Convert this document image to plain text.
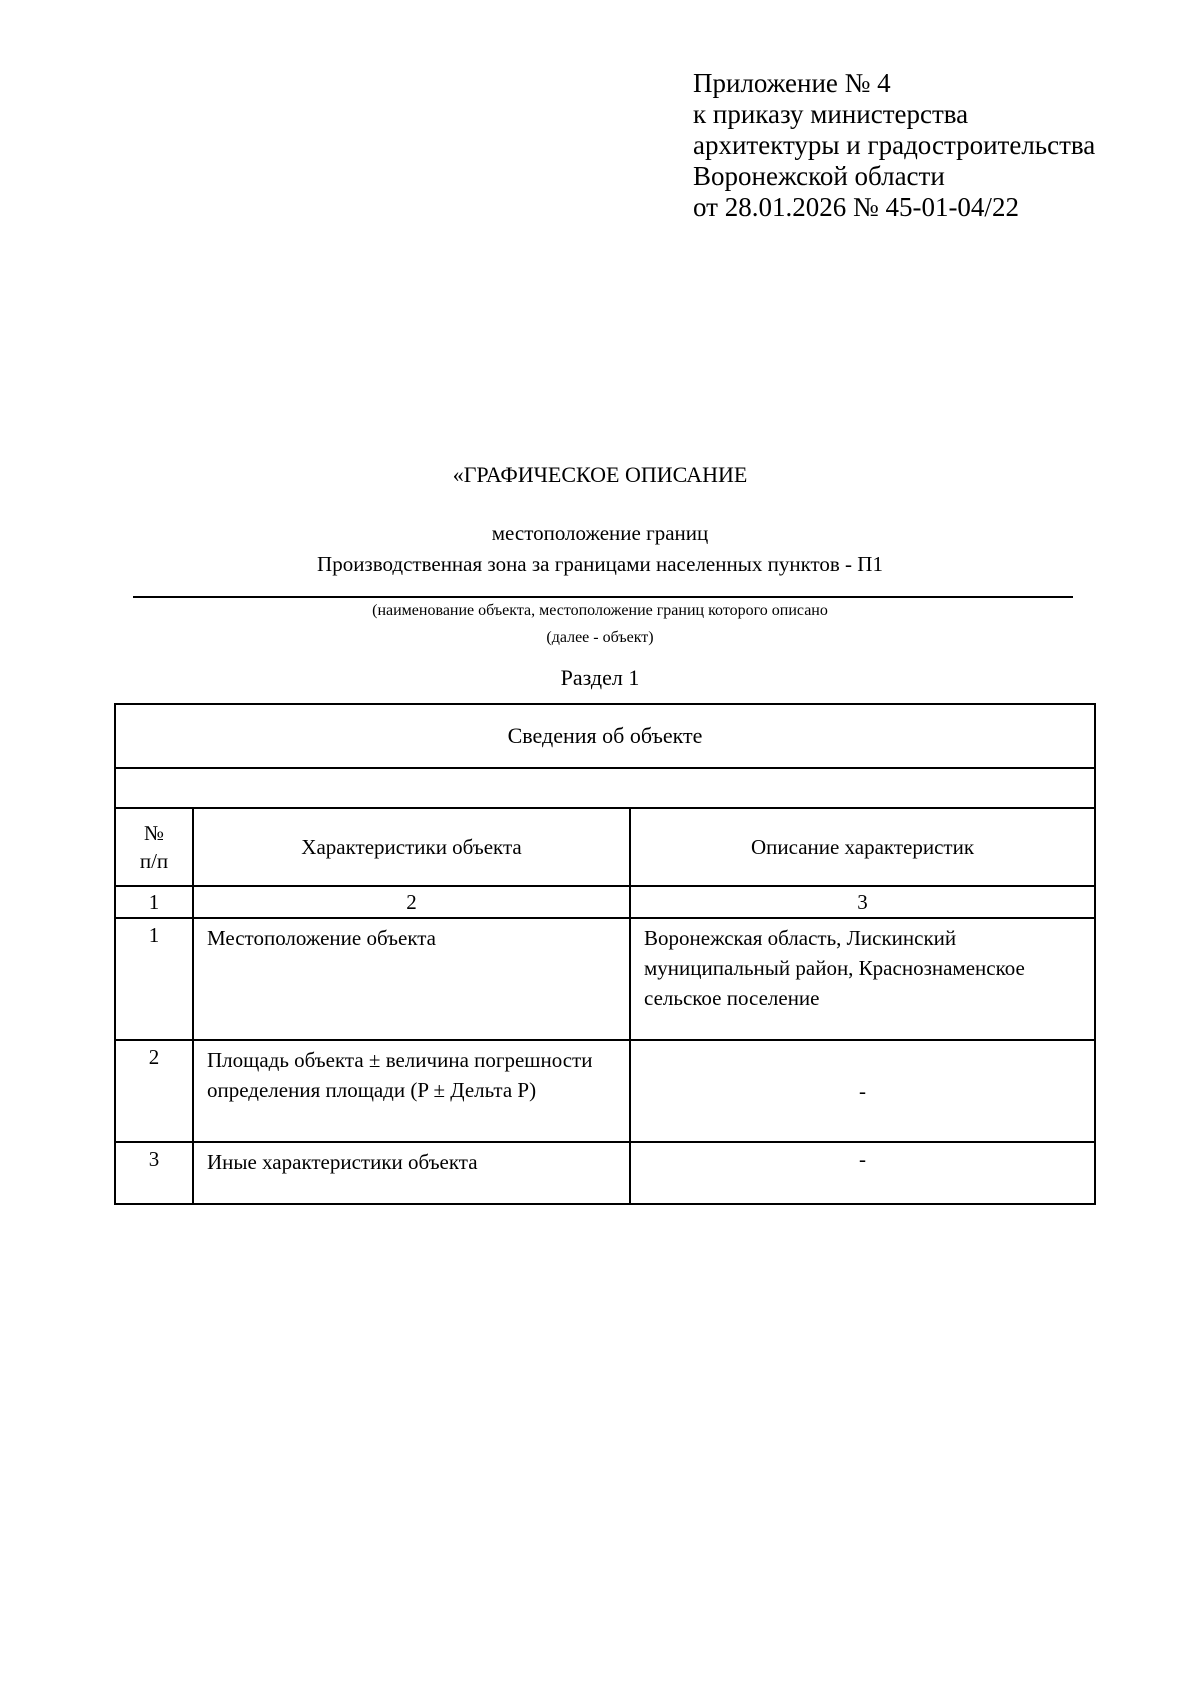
Приложение № 4
к приказу министерства
архитектуры и градостроительства
Воронежской области
от 28.01.2026 № 45-01-04/22
«ГРАФИЧЕСКОЕ ОПИСАНИЕ
местоположение границ
Производственная зона за границами населенных пунктов - П1
(наименование объекта, местоположение границ которого описано
(далее - объект)
Раздел 1
Сведения об объекте		

№ п/п	Характеристики объекта	Описание характеристик
1	2	3
1	Местоположение объекта	Воронежская область, Лискинский муниципальный район, Краснознаменское сельское поселение
2	Площадь объекта ± величина погрешности определения площади (P ± Дельта P)	-
3	Иные характеристики объекта	-
